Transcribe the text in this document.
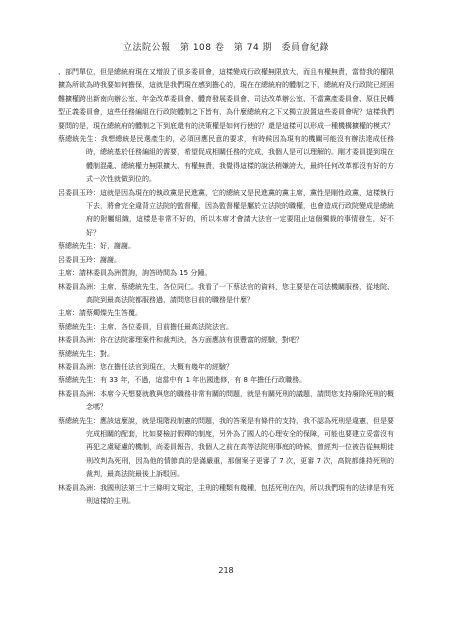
立法院公報　第 108 卷　第 74 期　委員會紀錄

、部門單位，但是總統府現在又增設了很多委員會，這樣變成行政權無限放大，而且有權無責，當替我的權限擴為所欲為時我要如何擔保，這就是我們現在感到擔心的，現在在總統府的體制之下，總統府及行政院已經困難擴權跨出新南向辦公室、年金改革委員會、體育發展委員會、司法改革辦公室、不當黨產委員會、原住民轉型正義委員會，這些任務編組在行政院體制之下皆有，為什麼總統府之下又獨立設置這些委員會呢？這樣我們要問的是，現在總統府的體制之下到底還有的決策權是如何行使的？還是這樣可以形成一種機構擴權的模式？

蔡總統先生：我想總統是民選產生的，必須回應民意的要求，有時候因為現有的機關可能沒有辦法達成任務時，總統基於任務編組的需要，希望促成相關任務的完成，我個人是可以理解的。剛才委員提到現在體制混亂、總統權力無限擴大、有權無責，我覺得這樣的說法稍嫌誇大，最終任何改革都沒有好的方式一次性就做到位的。

呂委員玉玲：這就是因為現在的執政黨是民進黨，它的總統又是民進黨的黨主席，黨性是剛性政黨，這樣執行下去，將會完全違背立法院的監督權，因為監督權是屬於立法院的職權，也會造成行政院變成是總統府的附屬組織，這樣是非常不好的，所以本席才會請大法官一定要阻止這個獨裁的事情發生，好不好？

蔡總統先生：好，謝謝。

呂委員玉玲：謝謝。

主席：請林委員為洲質詢，詢答時間為 15 分鐘。

林委員為洲：主席、蔡總統先生、各位同仁。我看了一下蔡法官的資料，您主要是在司法機關服務，從地院、高院到最高法院都服務過，請問您目前的職務是什麼？

主席：請蔡燭燦先生答覆。

蔡總統先生：主席、各位委員，目前擔任最高法院法官。

林委員為洲：你在法院審理案件和裁判決，各方面應該有很豐富的經驗，對吧？

蔡總統先生：對。

林委員為洲：您在擔任法官到現在，大概有幾年的經驗？

蔡總統先生：有 33 年，不過，這當中有 1 年出國進修，有 8 年擔任行政職務。

林委員為洲：本席今天想要就教與您的職務非常有關的問題，就是有關死刑的議題，請問您支持廢除死刑的概念嗎？

蔡總統先生：應該這麼說，就是現階段制憲的問題，我的答案是有條件的支持，我不認為死刑是違憲，但是要完成相關的配套，比如要檢討假釋的制度，另外為了國人的心理安全的保障，可能也要建立妥當沒有再犯之虞疑慮的機制，尚委員報告，我個人之前在高等法院刑事庭的時候，曾經判一位被告從無期徒刑改判為死刑，因為他的情節真的是滿嚴重，那個案子更審了 7 次，更審 7 次，高院都維持死刑的裁判，最高法院最後上訴駁回。

林委員為洲：我國刑法第三十三條明文規定，主刑的種類有幾種，包括死刑在內，所以我們現有的法律是有死刑這樣的主刑。

218
